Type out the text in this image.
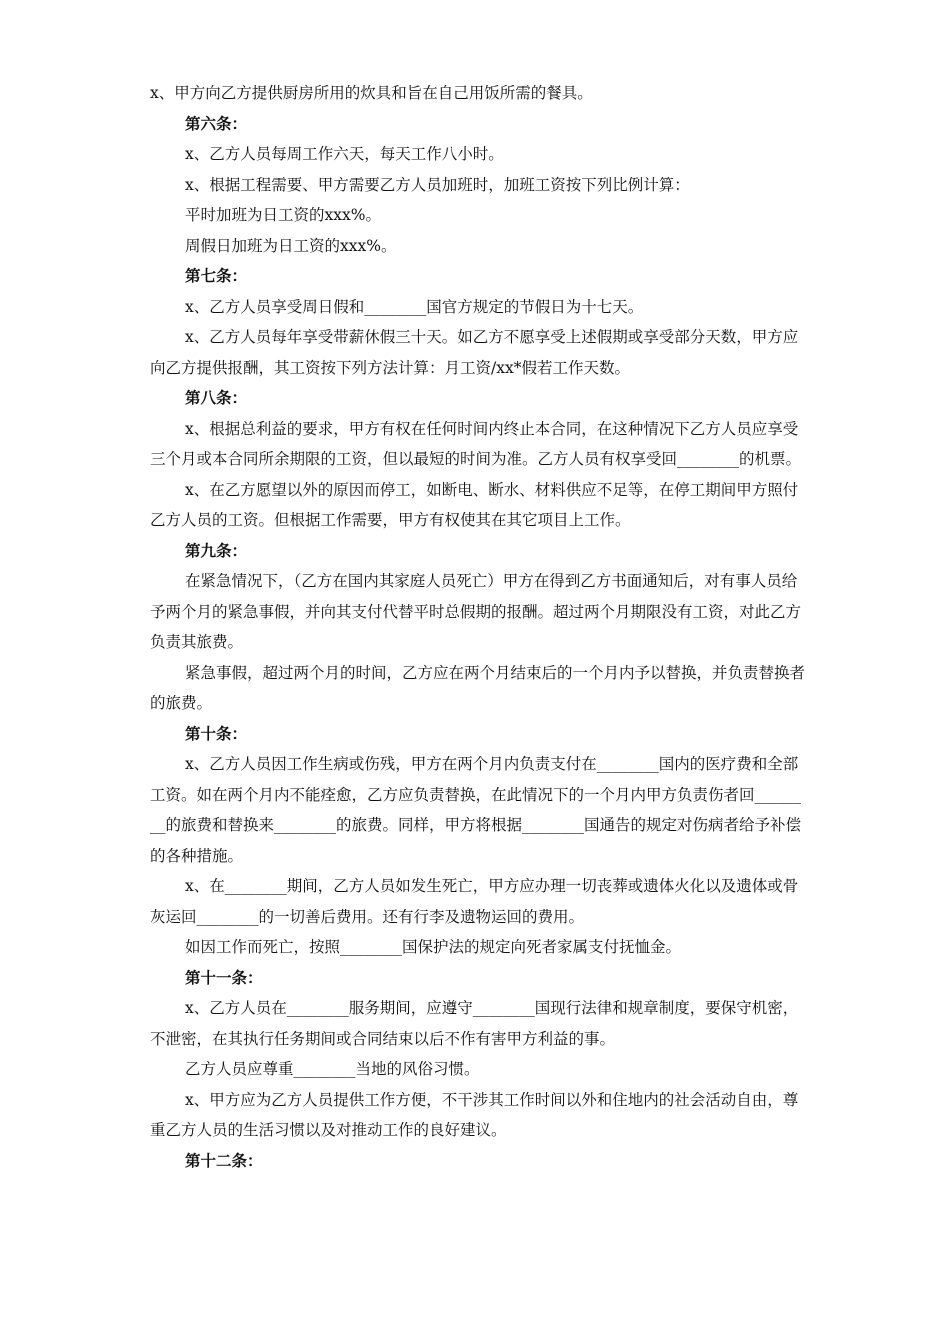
x、甲方向乙方提供厨房所用的炊具和旨在自己用饭所需的餐具。

第六条：

x、乙方人员每周工作六天，每天工作八小时。

x、根据工程需要、甲方需要乙方人员加班时，加班工资按下列比例计算：

平时加班为日工资的xxx%。

周假日加班为日工资的xxx%。

第七条：

x、乙方人员享受周日假和________国官方规定的节假日为十七天。

x、乙方人员每年享受带薪休假三十天。如乙方不愿享受上述假期或享受部分天数，甲方应向乙方提供报酬，其工资按下列方法计算：月工资/xx*假若工作天数。

第八条：

x、根据总利益的要求，甲方有权在任何时间内终止本合同，在这种情况下乙方人员应享受三个月或本合同所余期限的工资，但以最短的时间为准。乙方人员有权享受回________的机票。

x、在乙方愿望以外的原因而停工，如断电、断水、材料供应不足等，在停工期间甲方照付乙方人员的工资。但根据工作需要，甲方有权使其在其它项目上工作。

第九条：

在紧急情况下，（乙方在国内其家庭人员死亡）甲方在得到乙方书面通知后，对有事人员给予两个月的紧急事假，并向其支付代替平时总假期的报酬。超过两个月期限没有工资，对此乙方负责其旅费。

紧急事假，超过两个月的时间，乙方应在两个月结束后的一个月内予以替换，并负责替换者的旅费。

第十条：

x、乙方人员因工作生病或伤残，甲方在两个月内负责支付在________国内的医疗费和全部工资。如在两个月内不能痊愈，乙方应负责替换，在此情况下的一个月内甲方负责伤者回________的旅费和替换来________的旅费。同样，甲方将根据________国通告的规定对伤病者给予补偿的各种措施。

x、在________期间，乙方人员如发生死亡，甲方应办理一切丧葬或遗体火化以及遗体或骨灰运回________的一切善后费用。还有行李及遗物运回的费用。

如因工作而死亡，按照________国保护法的规定向死者家属支付抚恤金。

第十一条：

x、乙方人员在________服务期间，应遵守________国现行法律和规章制度，要保守机密，不泄密，在其执行任务期间或合同结束以后不作有害甲方利益的事。

乙方人员应尊重________当地的风俗习惯。

x、甲方应为乙方人员提供工作方便，不干涉其工作时间以外和住地内的社会活动自由，尊重乙方人员的生活习惯以及对推动工作的良好建议。

第十二条：
